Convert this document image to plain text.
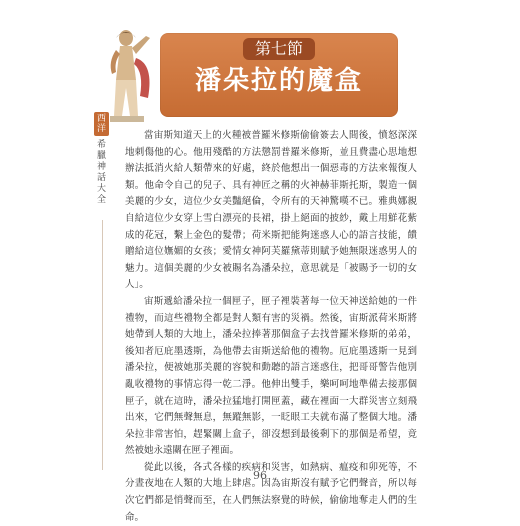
第七節
潘朵拉的魔盒
西洋
希臘神話大全

當宙斯知道天上的火種被普羅米修斯偷偷簽去人間後，憤怒深深地刺傷他的心。他用殘酷的方法懲罰普羅米修斯，並且費盡心思地想辦法抵消火給人類帶來的好處，終於他想出一個惡毒的方法來報復人類。他命令自己的兒子、具有神匠之稱的火神赫菲斯托斯，製造一個美麗的少女，這位少女美豔絕倫，令所有的天神驚嘆不已。雅典娜親自給這位少女穿上雪白漂亮的長裙，掛上絕面的披紗，戴上用鮮花紫成的花冠，繫上金色的髮帶；荷米斯把能夠迷惑人心的語言技能，饋贈給這位嫵媚的女孩；愛情女神阿芙羅黛蒂則賦予她無限迷惑男人的魅力。這個美麗的少女被賜名為潘朵拉，意思就是「被賜予一切的女人」。

宙斯遞給潘朵拉一個匣子，匣子裡裝著每一位天神送給她的一件禮物，而這些禮物全都是對人類有害的災禍。然後，宙斯派荷米斯將她帶到人類的大地上，潘朵拉捧著那個盒子去找普羅米修斯的弟弟，後知者厄庇墨透斯，為他帶去宙斯送給他的禮物。厄庇墨透斯一見到潘朵拉，便被她那美麗的容貌和動聽的語言迷惑住，把哥哥警告他別亂收禮物的事情忘得一乾二淨。他伸出雙手，樂呵呵地準備去接那個匣子，就在這時，潘朵拉猛地打開匣蓋，藏在裡面一大群災害立刻飛出來，它們無聲無息，無蹤無影，一眨眼工夫就布滿了整個大地。潘朵拉非常害怕，趕緊關上盒子，卻沒想到最後剩下的那個是希望，竟然被她永遠關在匣子裡面。

從此以後，各式各樣的疾病和災害，如熱病、瘟疫和卯死等，不分晝夜地在人類的大地上肆虐。因為宙斯沒有賦予它們聲音，所以每次它們都是悄聲而至，在人們無法察覺的時候，偷偷地奪走人們的生命。

96
